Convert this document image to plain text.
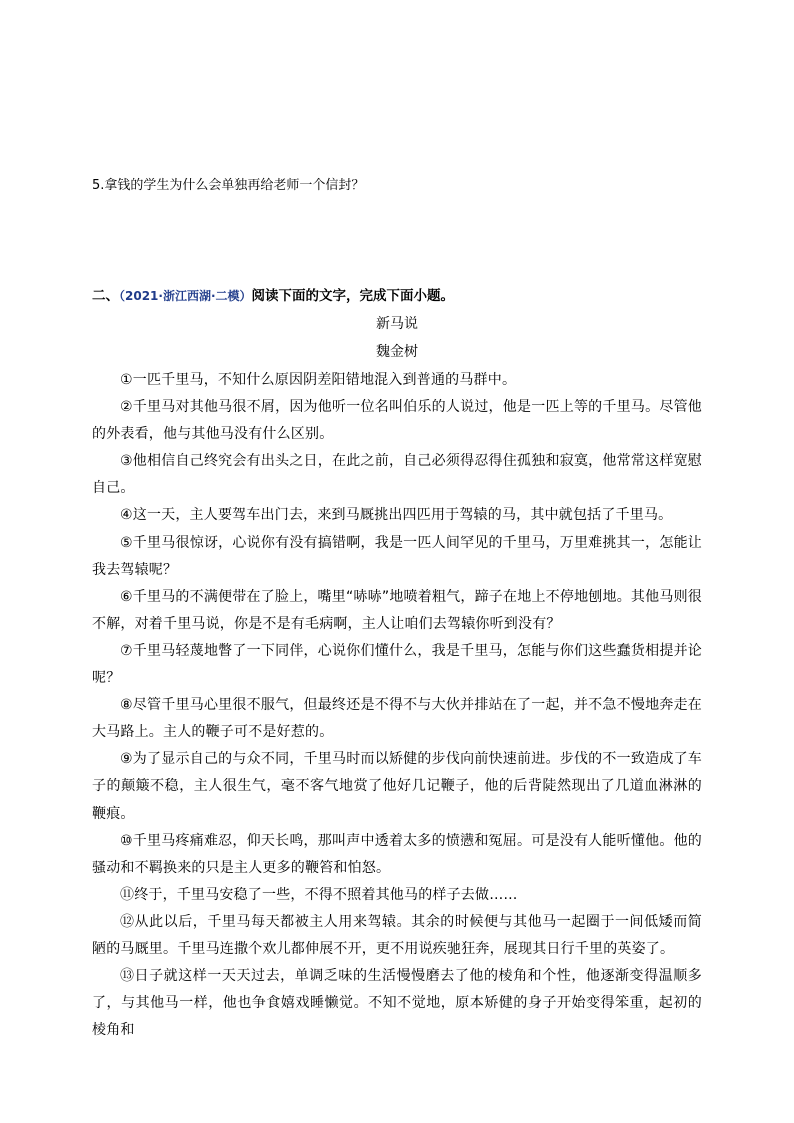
5.拿钱的学生为什么会单独再给老师一个信封？
二、（2021·浙江西湖·二模）阅读下面的文字，完成下面小题。
新马说
魏金树

①一匹千里马，不知什么原因阴差阳错地混入到普通的马群中。

②千里马对其他马很不屑，因为他听一位名叫伯乐的人说过，他是一匹上等的千里马。尽管他的外表看，他与其他马没有什么区别。

③他相信自己终究会有出头之日，在此之前，自己必须得忍得住孤独和寂寞，他常常这样宽慰自己。

④这一天，主人要驾车出门去，来到马厩挑出四匹用于驾辕的马，其中就包括了千里马。

⑤千里马很惊讶，心说你有没有搞错啊，我是一匹人间罕见的千里马，万里难挑其一，怎能让我去驾辕呢？

⑥千里马的不满便带在了脸上，嘴里“哧哧”地喷着粗气，蹄子在地上不停地刨地。其他马则很不解，对着千里马说，你是不是有毛病啊，主人让咱们去驾辕你听到没有？

⑦千里马轻蔑地瞥了一下同伴，心说你们懂什么，我是千里马，怎能与你们这些蠢货相提并论呢？

⑧尽管千里马心里很不服气，但最终还是不得不与大伙并排站在了一起，并不急不慢地奔走在大马路上。主人的鞭子可不是好惹的。

⑨为了显示自己的与众不同，千里马时而以矫健的步伐向前快速前进。步伐的不一致造成了车子的颠簸不稳，主人很生气，毫不客气地赏了他好几记鞭子，他的后背陡然现出了几道血淋淋的鞭痕。

⑩千里马疼痛难忍，仰天长鸣，那叫声中透着太多的愤懑和冤屈。可是没有人能听懂他。他的骚动和不羁换来的只是主人更多的鞭笞和怕怒。

⑪终于，千里马安稳了一些，不得不照着其他马的样子去做……

⑫从此以后，千里马每天都被主人用来驾辕。其余的时候便与其他马一起圈于一间低矮而简陋的马厩里。千里马连撒个欢儿都伸展不开，更不用说疾驰狂奔，展现其日行千里的英姿了。

⑬日子就这样一天天过去，单调乏味的生活慢慢磨去了他的棱角和个性，他逐渐变得温顺多了，与其他马一样，他也争食嬉戏睡懒觉。不知不觉地，原本矫健的身子开始变得笨重，起初的棱角和
